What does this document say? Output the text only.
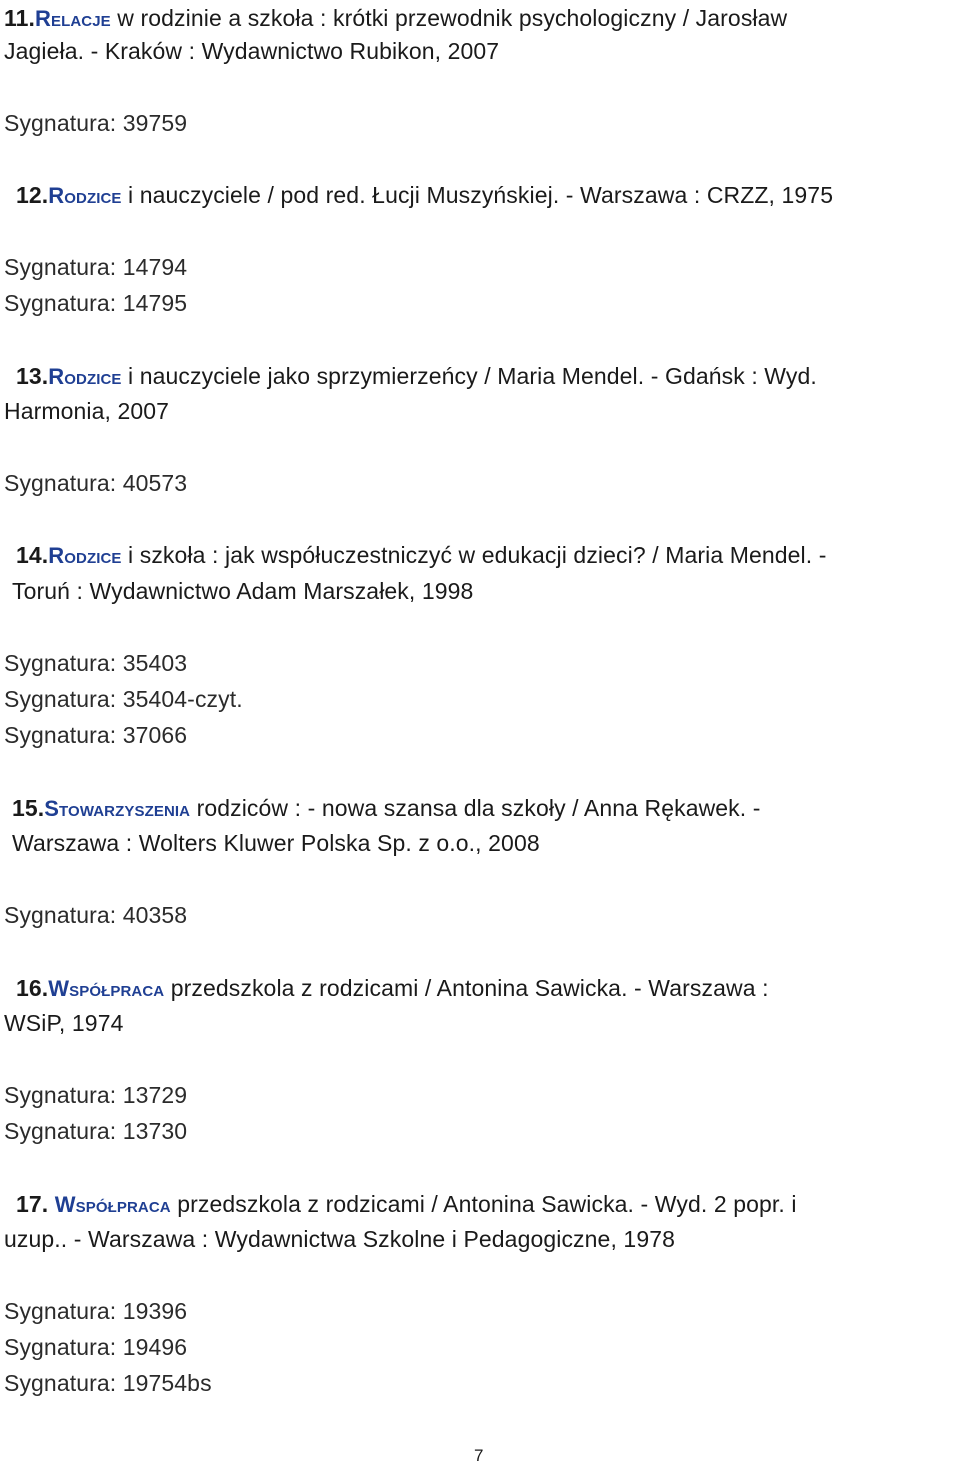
11.Relacje w rodzinie a szkoła : krótki przewodnik psychologiczny / Jarosław
Jagieła. - Kraków : Wydawnictwo Rubikon, 2007
Sygnatura: 39759
12.Rodzice i nauczyciele / pod red. Łucji Muszyńskiej. - Warszawa : CRZZ, 1975
Sygnatura: 14794
Sygnatura: 14795
13.Rodzice i nauczyciele jako sprzymierzeńcy / Maria Mendel. - Gdańsk : Wyd.
Harmonia, 2007
Sygnatura: 40573
14.Rodzice i szkoła : jak współuczestniczyć w edukacji dzieci? / Maria Mendel. -
Toruń : Wydawnictwo Adam Marszałek, 1998
Sygnatura: 35403
Sygnatura: 35404-czyt.
Sygnatura: 37066
15.Stowarzyszenia rodziców : - nowa szansa dla szkoły / Anna Rękawek. -
Warszawa : Wolters Kluwer Polska Sp. z o.o., 2008
Sygnatura: 40358
16.Współpraca przedszkola z rodzicami / Antonina Sawicka. - Warszawa :
WSiP, 1974
Sygnatura: 13729
Sygnatura: 13730
17. Współpraca przedszkola z rodzicami / Antonina Sawicka. - Wyd. 2 popr. i
uzup.. - Warszawa : Wydawnictwa Szkolne i Pedagogiczne, 1978
Sygnatura: 19396
Sygnatura: 19496
Sygnatura: 19754bs
7
